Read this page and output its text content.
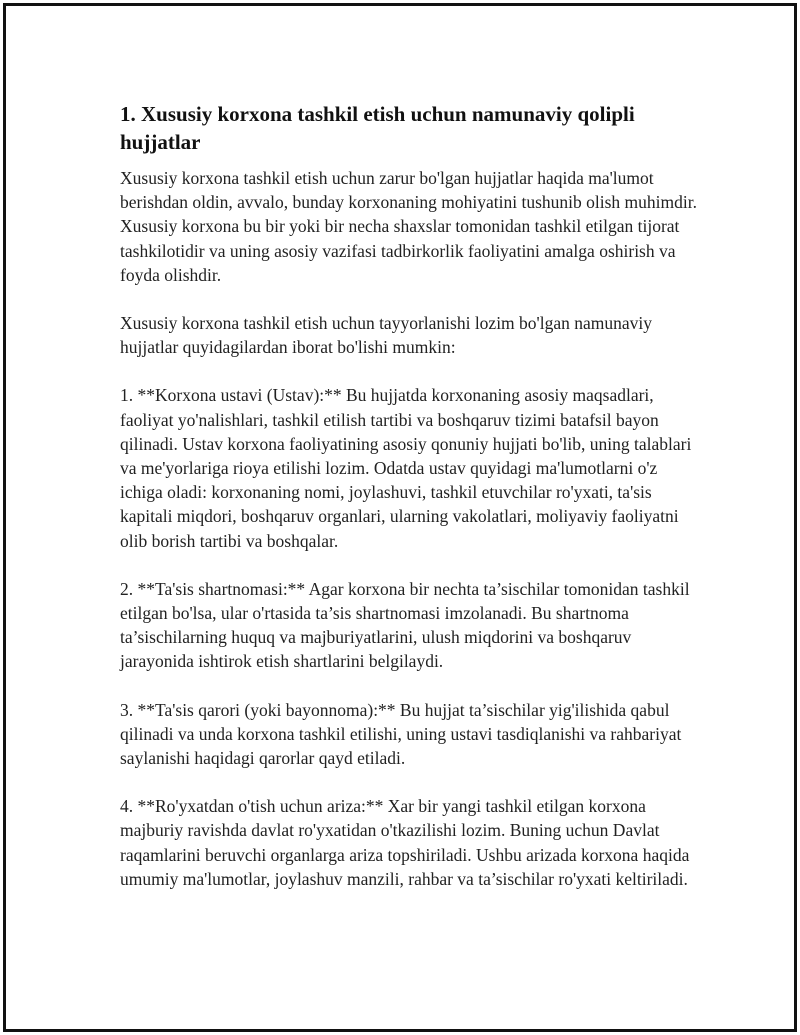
1. Xususiy korxona tashkil etish uchun namunaviy qolipli hujjatlar

Xususiy korxona tashkil etish uchun zarur bo'lgan hujjatlar haqida ma'lumot berishdan oldin, avvalo, bunday korxonaning mohiyatini tushunib olish muhimdir. Xususiy korxona bu bir yoki bir necha shaxslar tomonidan tashkil etilgan tijorat tashkilotidir va uning asosiy vazifasi tadbirkorlik faoliyatini amalga oshirish va foyda olishdir.

Xususiy korxona tashkil etish uchun tayyorlanishi lozim bo'lgan namunaviy hujjatlar quyidagilardan iborat bo'lishi mumkin:

1. **Korxona ustavi (Ustav):** Bu hujjatda korxonaning asosiy maqsadlari, faoliyat yo'nalishlari, tashkil etilish tartibi va boshqaruv tizimi batafsil bayon qilinadi. Ustav korxona faoliyatining asosiy qonuniy hujjati bo'lib, uning talablari va me'yorlariga rioya etilishi lozim. Odatda ustav quyidagi ma'lumotlarni o'z ichiga oladi: korxonaning nomi, joylashuvi, tashkil etuvchilar ro'yxati, ta'sis kapitali miqdori, boshqaruv organlari, ularning vakolatlari, moliyaviy faoliyatni olib borish tartibi va boshqalar.

2. **Ta'sis shartnomasi:** Agar korxona bir nechta ta’sischilar tomonidan tashkil etilgan bo'lsa, ular o'rtasida ta’sis shartnomasi imzolanadi. Bu shartnoma ta’sischilarning huquq va majburiyatlarini, ulush miqdorini va boshqaruv jarayonida ishtirok etish shartlarini belgilaydi.

3. **Ta'sis qarori (yoki bayonnoma):** Bu hujjat ta’sischilar yig'ilishida qabul qilinadi va unda korxona tashkil etilishi, uning ustavi tasdiqlanishi va rahbariyat saylanishi haqidagi qarorlar qayd etiladi.

4. **Ro'yxatdan o'tish uchun ariza:** Xar bir yangi tashkil etilgan korxona majburiy ravishda davlat ro'yxatidan o'tkazilishi lozim. Buning uchun Davlat raqamlarini beruvchi organlarga ariza topshiriladi. Ushbu arizada korxona haqida umumiy ma'lumotlar, joylashuv manzili, rahbar va ta’sischilar ro'yxati keltiriladi.
